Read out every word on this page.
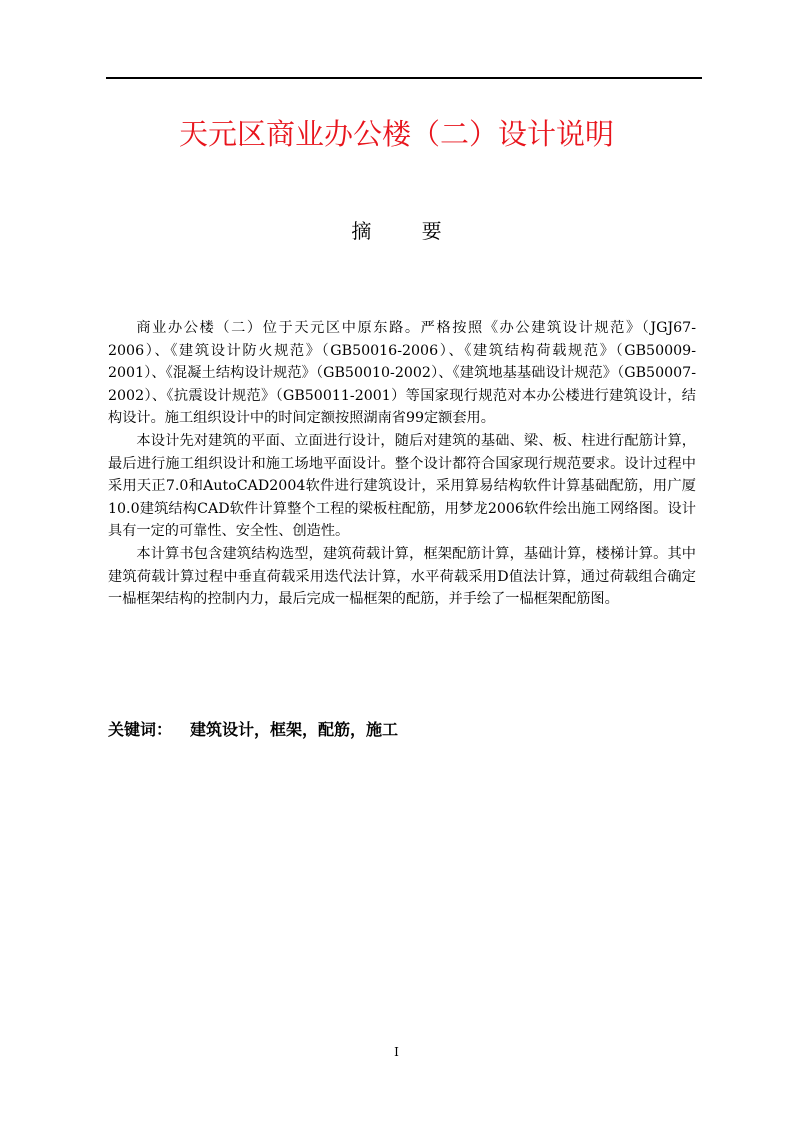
天元区商业办公楼（二）设计说明
摘 要

商业办公楼（二）位于天元区中原东路。严格按照《办公建筑设计规范》（JGJ67-2006）、《建筑设计防火规范》（GB50016-2006）、《建筑结构荷载规范》（GB50009-2001）、《混凝土结构设计规范》（GB50010-2002）、《建筑地基基础设计规范》（GB50007-2002）、《抗震设计规范》（GB50011-2001）等国家现行规范对本办公楼进行建筑设计，结构设计。施工组织设计中的时间定额按照湖南省99定额套用。

本设计先对建筑的平面、立面进行设计，随后对建筑的基础、梁、板、柱进行配筋计算，最后进行施工组织设计和施工场地平面设计。整个设计都符合国家现行规范要求。设计过程中采用天正7.0和AutoCAD2004软件进行建筑设计，采用算易结构软件计算基础配筋，用广厦10.0建筑结构CAD软件计算整个工程的梁板柱配筋，用梦龙2006软件绘出施工网络图。设计具有一定的可靠性、安全性、创造性。

本计算书包含建筑结构选型，建筑荷载计算，框架配筋计算，基础计算，楼梯计算。其中建筑荷载计算过程中垂直荷载采用迭代法计算，水平荷载采用D值法计算，通过荷载组合确定一榀框架结构的控制内力，最后完成一榀框架的配筋，并手绘了一榀框架配筋图。

关键词： 建筑设计，框架，配筋，施工
I
